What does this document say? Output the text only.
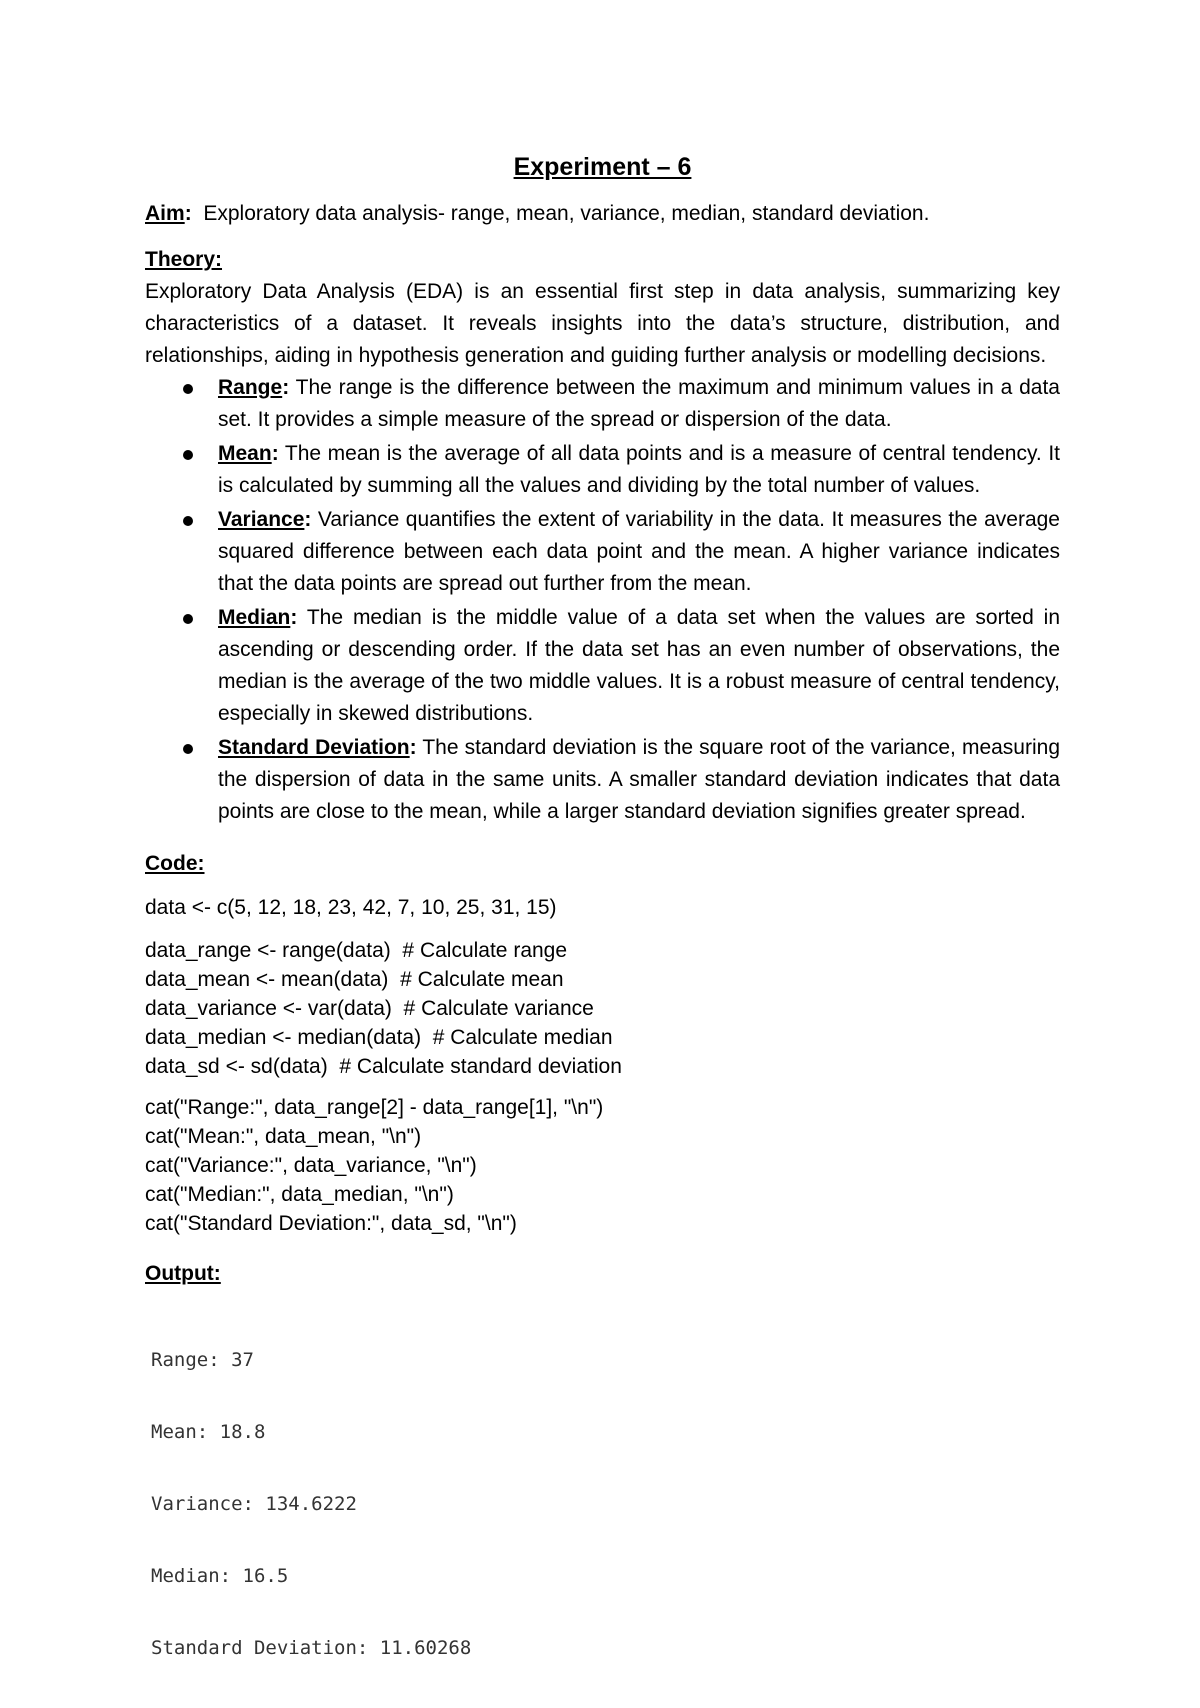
Experiment – 6
Aim: Exploratory data analysis- range, mean, variance, median, standard deviation.
Theory:

Exploratory Data Analysis (EDA) is an essential first step in data analysis, summarizing key characteristics of a dataset. It reveals insights into the data’s structure, distribution, and relationships, aiding in hypothesis generation and guiding further analysis or modelling decisions.

Range: The range is the difference between the maximum and minimum values in a data set. It provides a simple measure of the spread or dispersion of the data.
Mean: The mean is the average of all data points and is a measure of central tendency. It is calculated by summing all the values and dividing by the total number of values.
Variance: Variance quantifies the extent of variability in the data. It measures the average squared difference between each data point and the mean. A higher variance indicates that the data points are spread out further from the mean.
Median: The median is the middle value of a data set when the values are sorted in ascending or descending order. If the data set has an even number of observations, the median is the average of the two middle values. It is a robust measure of central tendency, especially in skewed distributions.
Standard Deviation: The standard deviation is the square root of the variance, measuring the dispersion of data in the same units. A smaller standard deviation indicates that data points are close to the mean, while a larger standard deviation signifies greater spread.
Code:
data <- c(5, 12, 18, 23, 42, 7, 10, 25, 31, 15)
data_range <- range(data)  # Calculate range
data_mean <- mean(data)  # Calculate mean
data_variance <- var(data)  # Calculate variance
data_median <- median(data)  # Calculate median
data_sd <- sd(data)  # Calculate standard deviation
cat("Range:", data_range[2] - data_range[1], "\n")
cat("Mean:", data_mean, "\n")
cat("Variance:", data_variance, "\n")
cat("Median:", data_median, "\n")
cat("Standard Deviation:", data_sd, "\n")
Output:

Range: 37

Mean: 18.8

Variance: 134.6222

Median: 16.5

Standard Deviation: 11.60268
